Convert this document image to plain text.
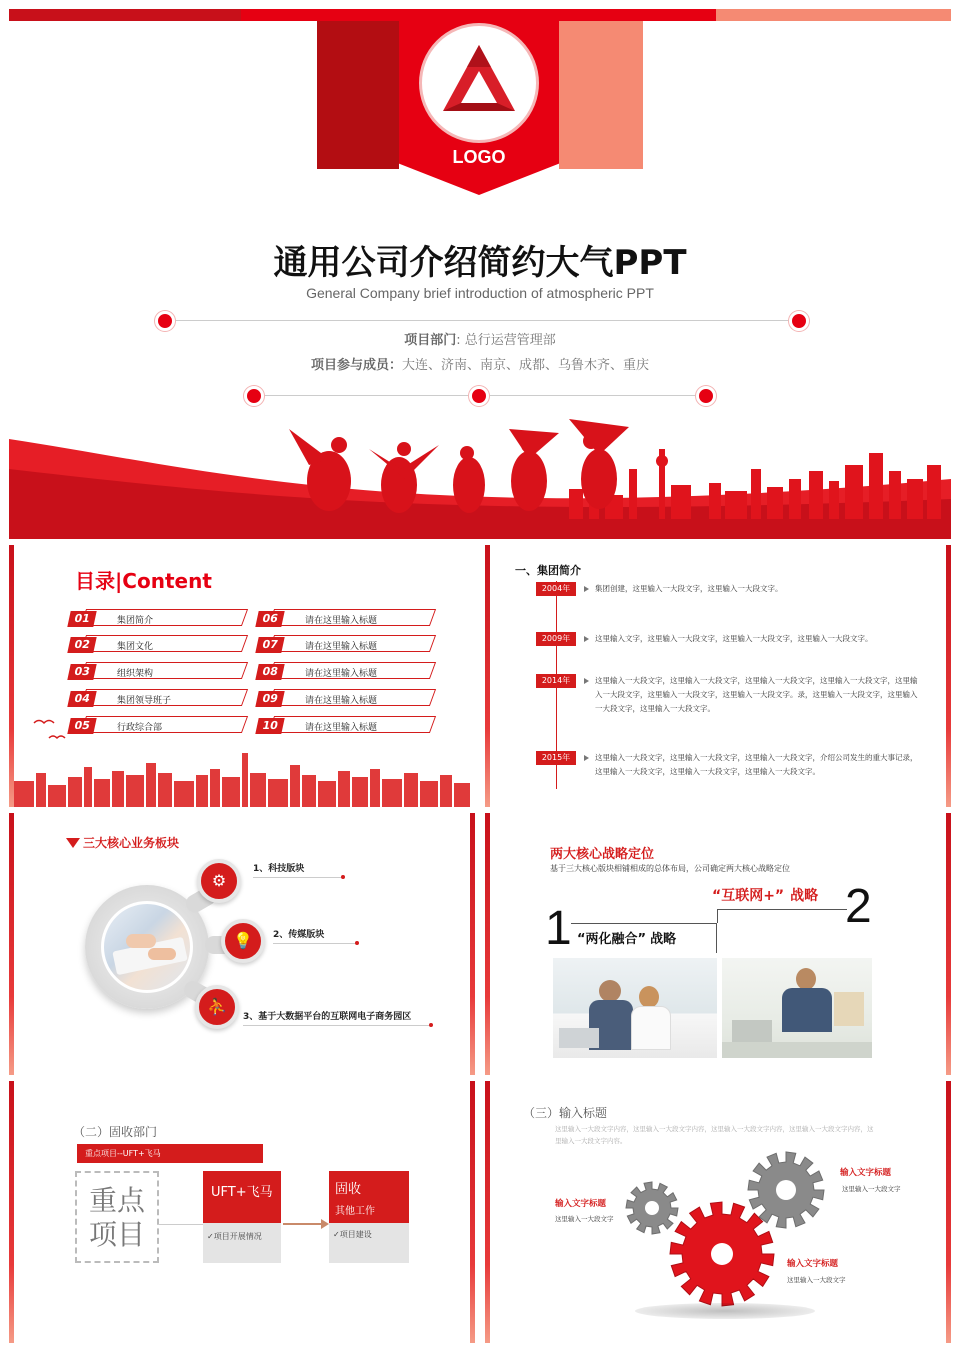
LOGO
通用公司介绍简约大气PPT
General Company brief introduction of atmospheric PPT
项目部门: 总行运营管理部
项目参与成员：大连、济南、南京、成都、乌鲁木齐、重庆
目录|Content
01	集团简介
02	集团文化
03	组织架构
04	集团领导班子
05	行政综合部
06	请在这里输入标题
07	请在这里输入标题
08	请在这里输入标题
09	请在这里输入标题
10	请在这里输入标题
一、集团简介
2004年	集团创建，这里输入一大段文字，这里输入一大段文字。
2009年	这里输入文字，这里输入一大段文字，这里输入一大段文字，这里输入一大段文字。
2014年	这里输入一大段文字，这里输入一大段文字，这里输入一大段文字，这里输入一大段文字，这里输入一大段文字，这里输入一大段文字，这里输入一大段文字。录，这里输入一大段文字，这里输入一大段文字，这里输入一大段文字。
2015年	这里输入一大段文字，这里输入一大段文字，这里输入一大段文字，介绍公司发生的重大事记录，这里输入一大段文字，这里输入一大段文字，这里输入一大段文字。
三大核心业务板块
⚙
1、科技版块
💡	2、传媒版块
⛹
3、基于大数据平台的互联网电子商务园区
两大核心战略定位
基于三大核心版块相铺相成的总体布局，公司确定两大核心战略定位
1 “两化融合” 战略
“互联网+” 战略 2
（二）固收部门
重点项目--UFT+飞马
重点
项目
UFT+飞马
✓项目开展情况
固收
其他工作
✓项目建设
（三）输入标题
这里输入一大段文字内容，这里输入一大段文字内容，这里输入一大段文字内容，这里输入一大段文字内容，这里输入一大段文字内容。
输入文字标题
这里输入一大段文字
输入文字标题
这里输入一大段文字
输入文字标题
这里输入一大段文字
